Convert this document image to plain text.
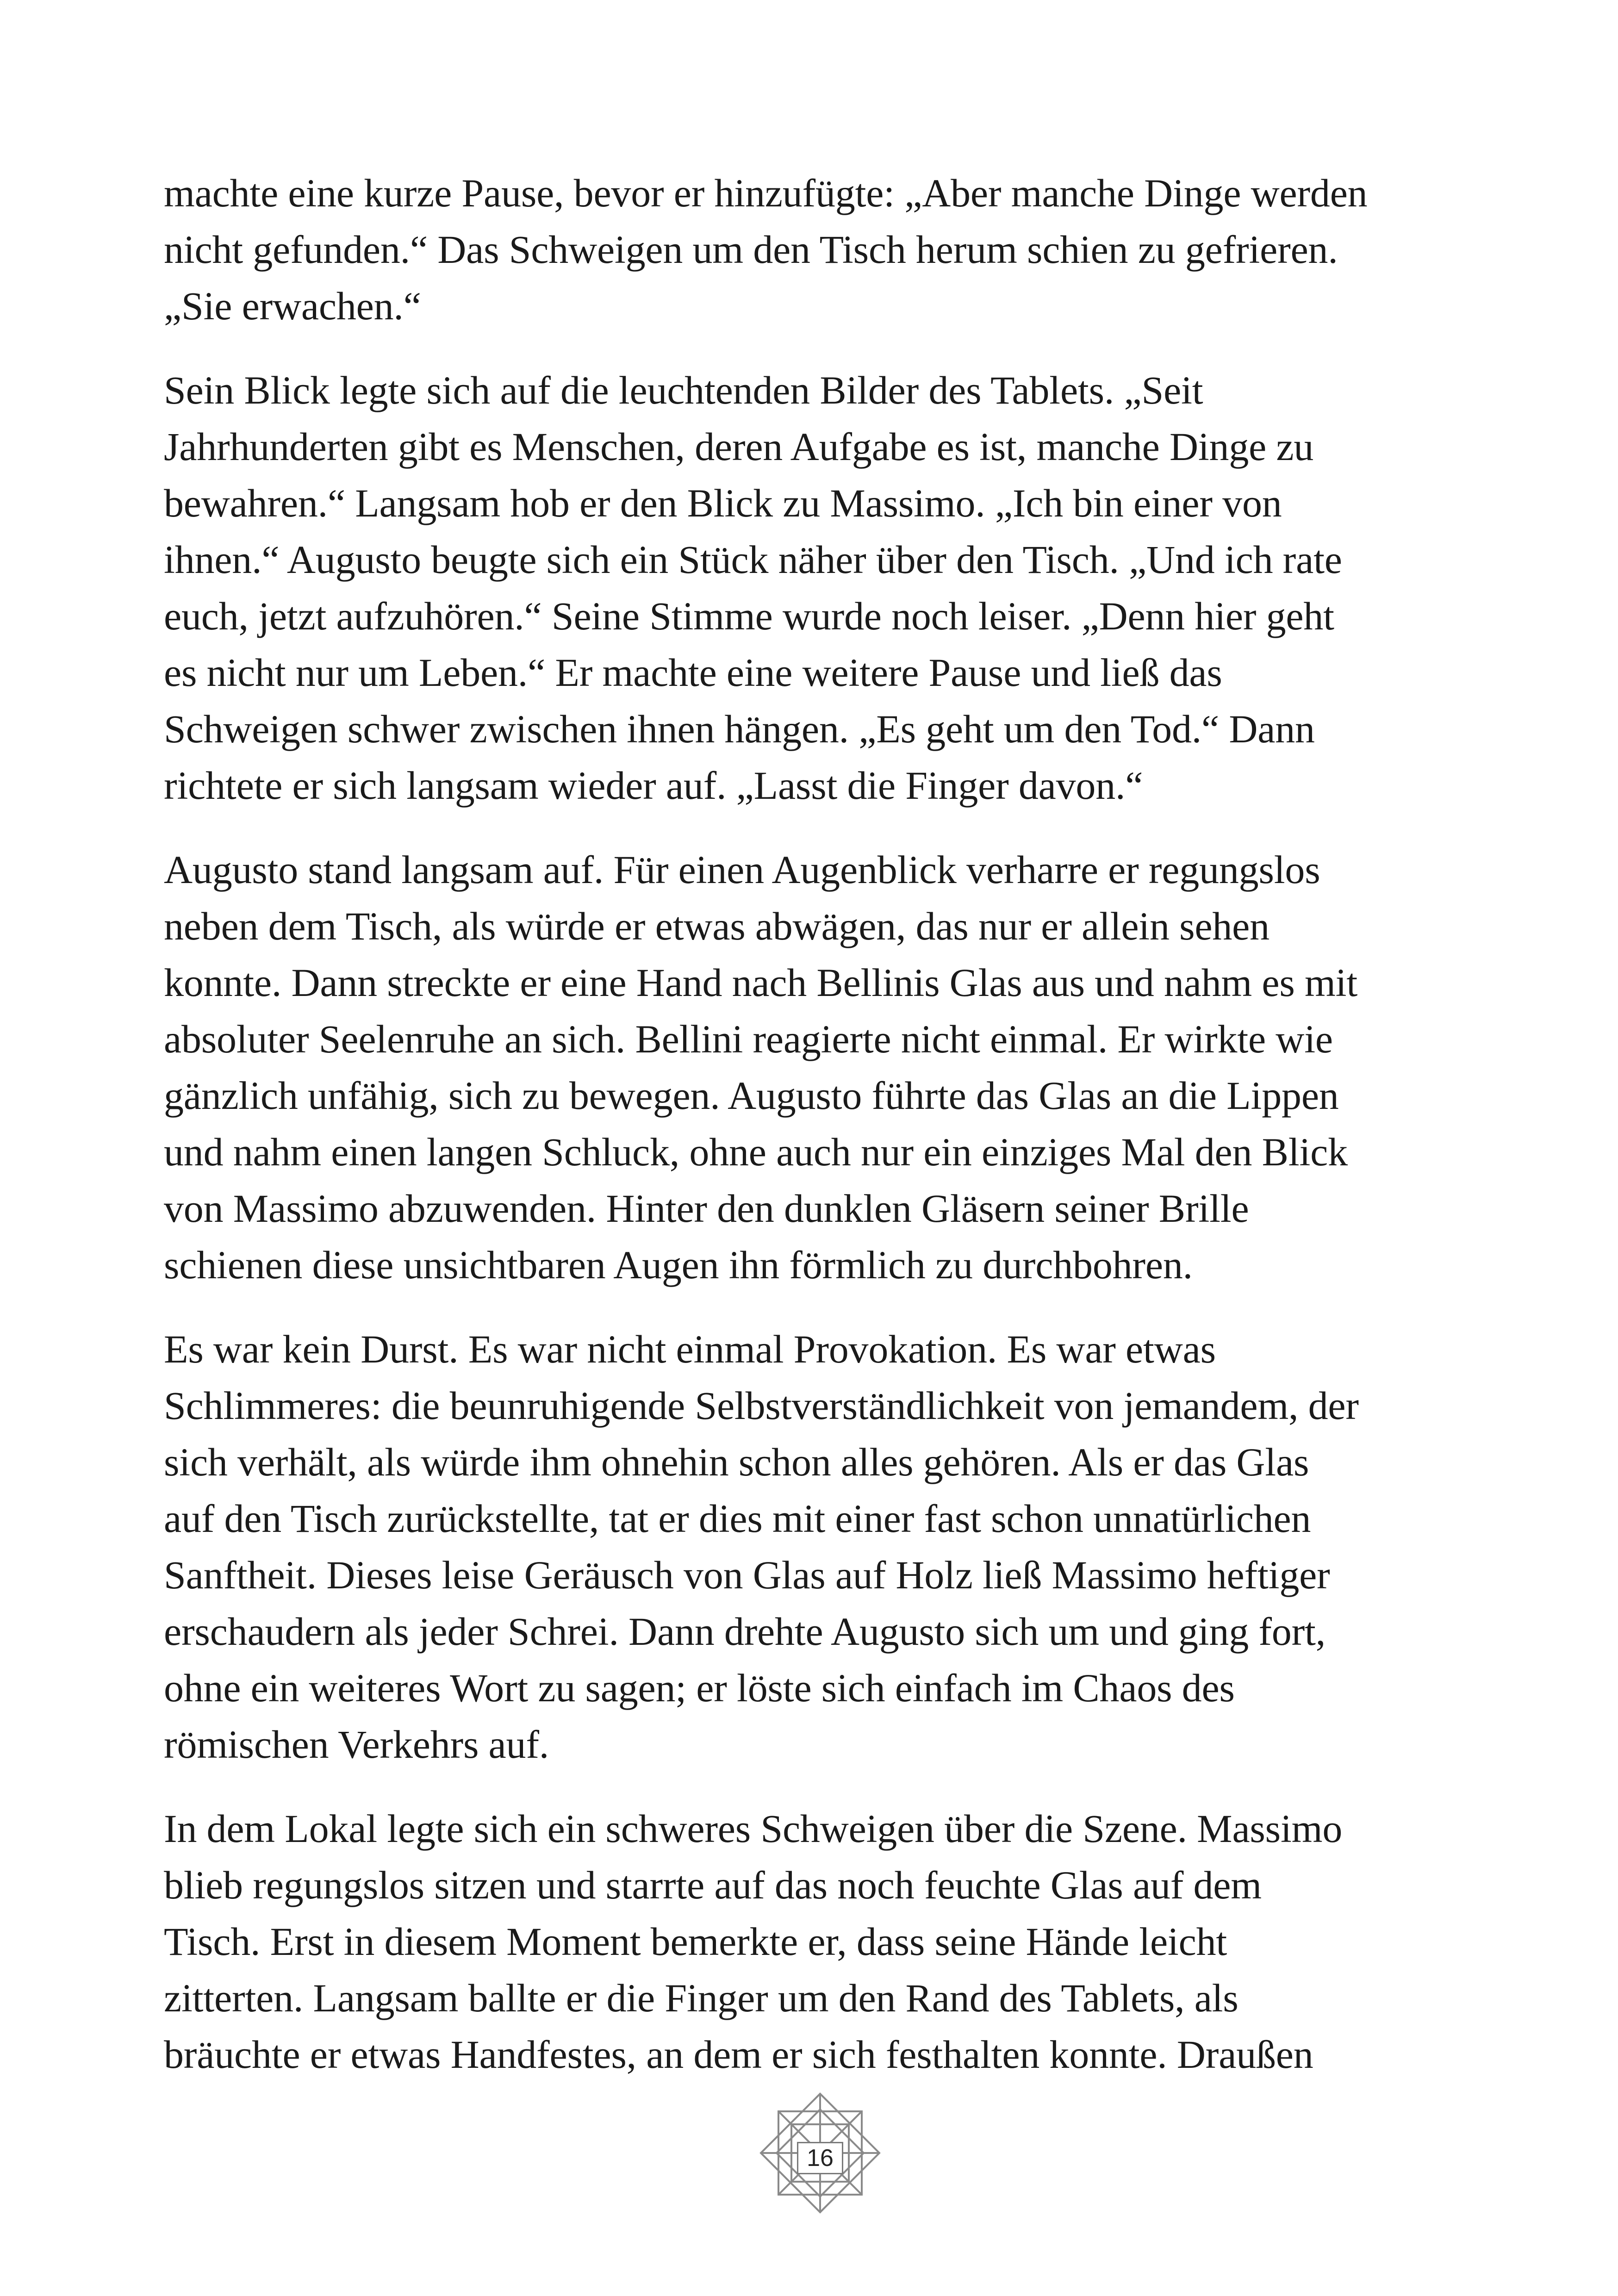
machte eine kurze Pause, bevor er hinzufügte: „Aber manche Dinge werden
nicht gefunden.“ Das Schweigen um den Tisch herum schien zu gefrieren.
„Sie erwachen.“

Sein Blick legte sich auf die leuchtenden Bilder des Tablets. „Seit
Jahrhunderten gibt es Menschen, deren Aufgabe es ist, manche Dinge zu
bewahren.“ Langsam hob er den Blick zu Massimo. „Ich bin einer von
ihnen.“ Augusto beugte sich ein Stück näher über den Tisch. „Und ich rate
euch, jetzt aufzuhören.“ Seine Stimme wurde noch leiser. „Denn hier geht
es nicht nur um Leben.“ Er machte eine weitere Pause und ließ das
Schweigen schwer zwischen ihnen hängen. „Es geht um den Tod.“ Dann
richtete er sich langsam wieder auf. „Lasst die Finger davon.“

Augusto stand langsam auf. Für einen Augenblick verharre er regungslos
neben dem Tisch, als würde er etwas abwägen, das nur er allein sehen
konnte. Dann streckte er eine Hand nach Bellinis Glas aus und nahm es mit
absoluter Seelenruhe an sich. Bellini reagierte nicht einmal. Er wirkte wie
gänzlich unfähig, sich zu bewegen. Augusto führte das Glas an die Lippen
und nahm einen langen Schluck, ohne auch nur ein einziges Mal den Blick
von Massimo abzuwenden. Hinter den dunklen Gläsern seiner Brille
schienen diese unsichtbaren Augen ihn förmlich zu durchbohren.

Es war kein Durst. Es war nicht einmal Provokation. Es war etwas
Schlimmeres: die beunruhigende Selbstverständlichkeit von jemandem, der
sich verhält, als würde ihm ohnehin schon alles gehören. Als er das Glas
auf den Tisch zurückstellte, tat er dies mit einer fast schon unnatürlichen
Sanftheit. Dieses leise Geräusch von Glas auf Holz ließ Massimo heftiger
erschaudern als jeder Schrei. Dann drehte Augusto sich um und ging fort,
ohne ein weiteres Wort zu sagen; er löste sich einfach im Chaos des
römischen Verkehrs auf.

In dem Lokal legte sich ein schweres Schweigen über die Szene. Massimo
blieb regungslos sitzen und starrte auf das noch feuchte Glas auf dem
Tisch. Erst in diesem Moment bemerkte er, dass seine Hände leicht
zitterten. Langsam ballte er die Finger um den Rand des Tablets, als
bräuchte er etwas Handfestes, an dem er sich festhalten konnte. Draußen

16
